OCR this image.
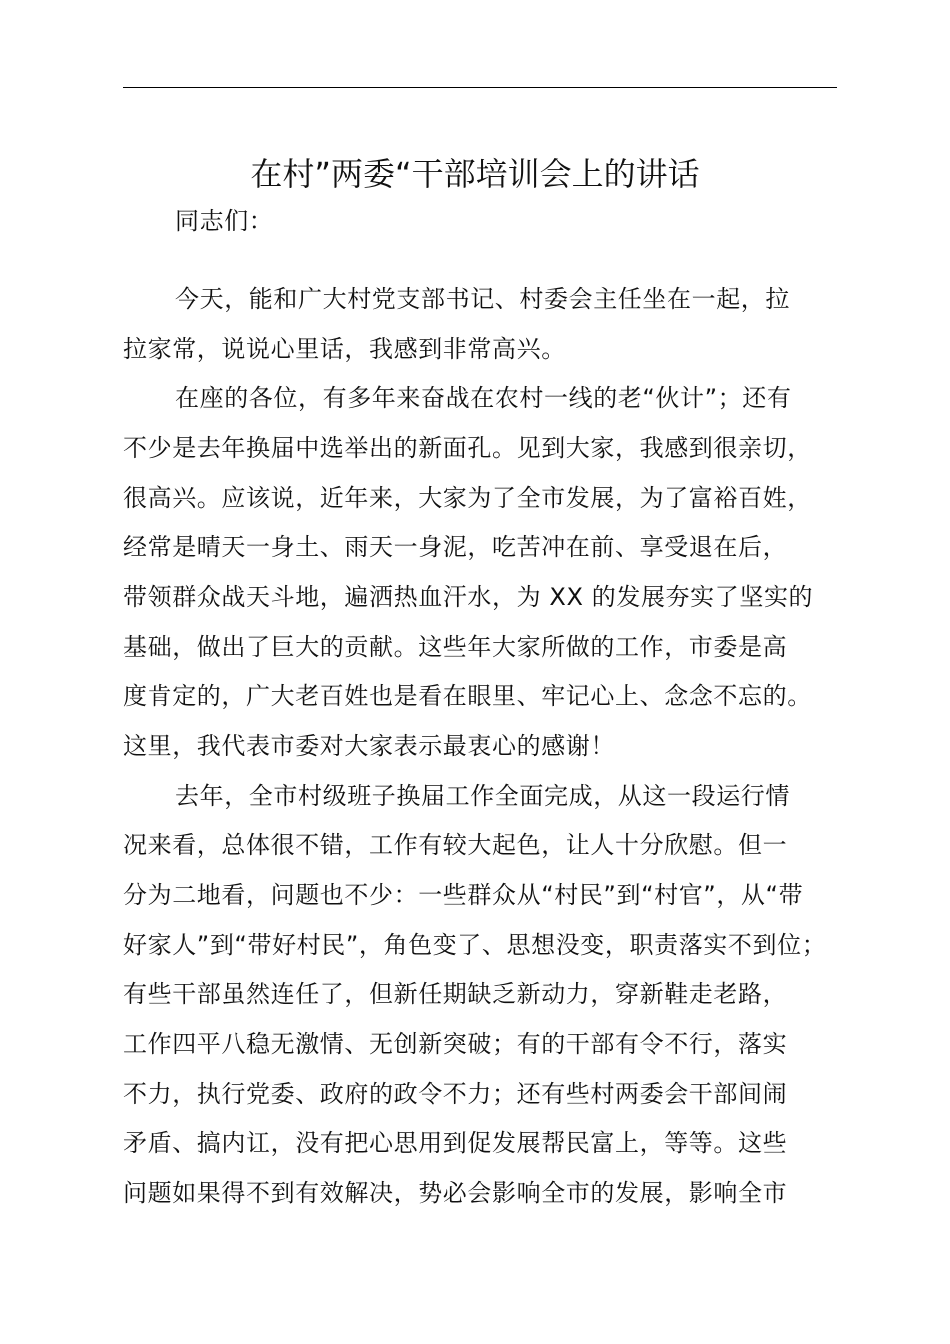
在村”两委“干部培训会上的讲话
同志们：
今天，能和广大村党支部书记、村委会主任坐在一起，拉
拉家常，说说心里话，我感到非常高兴。
在座的各位，有多年来奋战在农村一线的老“伙计”；还有
不少是去年换届中选举出的新面孔。见到大家，我感到很亲切，
很高兴。应该说，近年来，大家为了全市发展，为了富裕百姓，
经常是晴天一身土、雨天一身泥，吃苦冲在前、享受退在后，
带领群众战天斗地，遍洒热血汗水，为 XX 的发展夯实了坚实的
基础，做出了巨大的贡献。这些年大家所做的工作，市委是高
度肯定的，广大老百姓也是看在眼里、牢记心上、念念不忘的。
这里，我代表市委对大家表示最衷心的感谢！
去年，全市村级班子换届工作全面完成，从这一段运行情
况来看，总体很不错，工作有较大起色，让人十分欣慰。但一
分为二地看，问题也不少：一些群众从“村民”到“村官”，从“带
好家人”到“带好村民”，角色变了、思想没变，职责落实不到位；
有些干部虽然连任了，但新任期缺乏新动力，穿新鞋走老路，
工作四平八稳无激情、无创新突破；有的干部有令不行，落实
不力，执行党委、政府的政令不力；还有些村两委会干部间闹
矛盾、搞内讧，没有把心思用到促发展帮民富上，等等。这些
问题如果得不到有效解决，势必会影响全市的发展，影响全市
